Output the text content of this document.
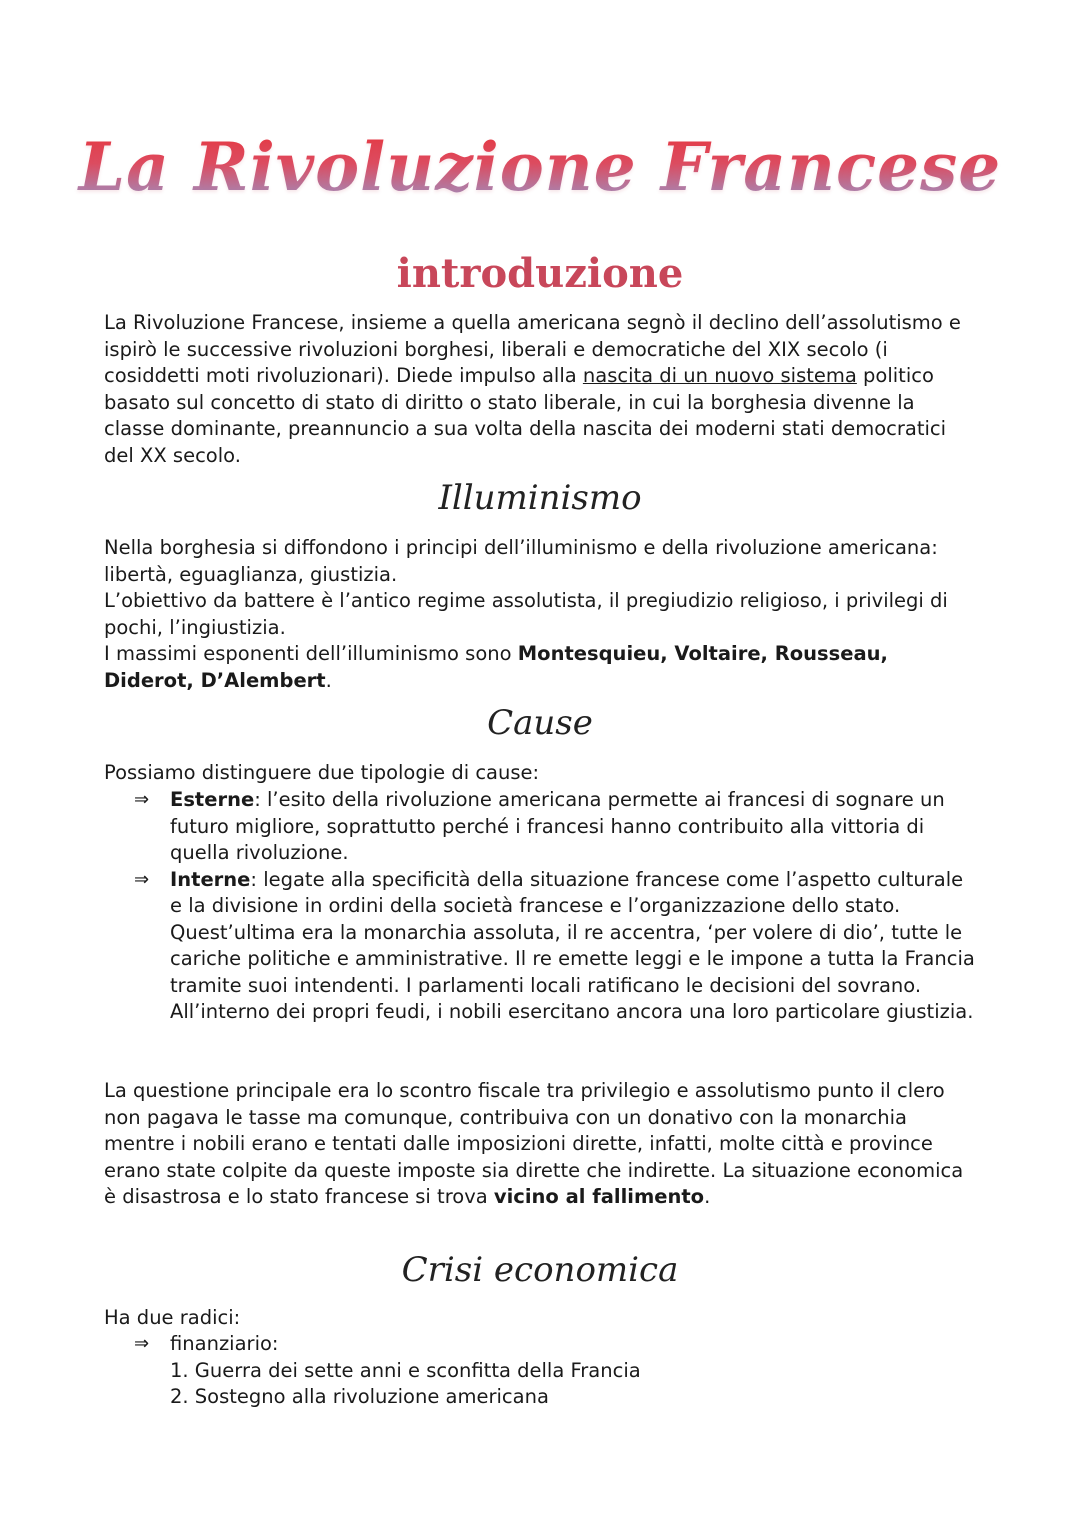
La Rivoluzione Francese
introduzione

La Rivoluzione Francese, insieme a quella americana segnò il declino dell’assolutismo e ispirò le successive rivoluzioni borghesi, liberali e democratiche del XIX secolo (i cosiddetti moti rivoluzionari). Diede impulso alla nascita di un nuovo sistema politico basato sul concetto di stato di diritto o stato liberale, in cui la borghesia divenne la classe dominante, preannuncio a sua volta della nascita dei moderni stati democratici del XX secolo.

Illuminismo

Nella borghesia si diffondono i principi dell’illuminismo e della rivoluzione americana: libertà, eguaglianza, giustizia.

L’obiettivo da battere è l’antico regime assolutista, il pregiudizio religioso, i privilegi di pochi, l’ingiustizia.

I massimi esponenti dell’illuminismo sono Montesquieu, Voltaire, Rousseau, Diderot, D’Alembert.

Cause

Possiamo distinguere due tipologie di cause:

⇒ Esterne: l’esito della rivoluzione americana permette ai francesi di sognare un futuro migliore, soprattutto perché i francesi hanno contribuito alla vittoria di quella rivoluzione.
⇒ Interne: legate alla specificità della situazione francese come l’aspetto culturale e la divisione in ordini della società francese e l’organizzazione dello stato. Quest’ultima era la monarchia assoluta, il re accentra, ‘per volere di dio’, tutte le cariche politiche e amministrative. Il re emette leggi e le impone a tutta la Francia tramite suoi intendenti. I parlamenti locali ratificano le decisioni del sovrano. All’interno dei propri feudi, i nobili esercitano ancora una loro particolare giustizia.

La questione principale era lo scontro fiscale tra privilegio e assolutismo punto il clero non pagava le tasse ma comunque, contribuiva con un donativo con la monarchia mentre i nobili erano e tentati dalle imposizioni dirette, infatti, molte città e province erano state colpite da queste imposte sia dirette che indirette. La situazione economica è disastrosa e lo stato francese si trova vicino al fallimento.

Crisi economica

Ha due radici:

⇒ finanziario:
1. Guerra dei sette anni e sconfitta della Francia
2. Sostegno alla rivoluzione americana
